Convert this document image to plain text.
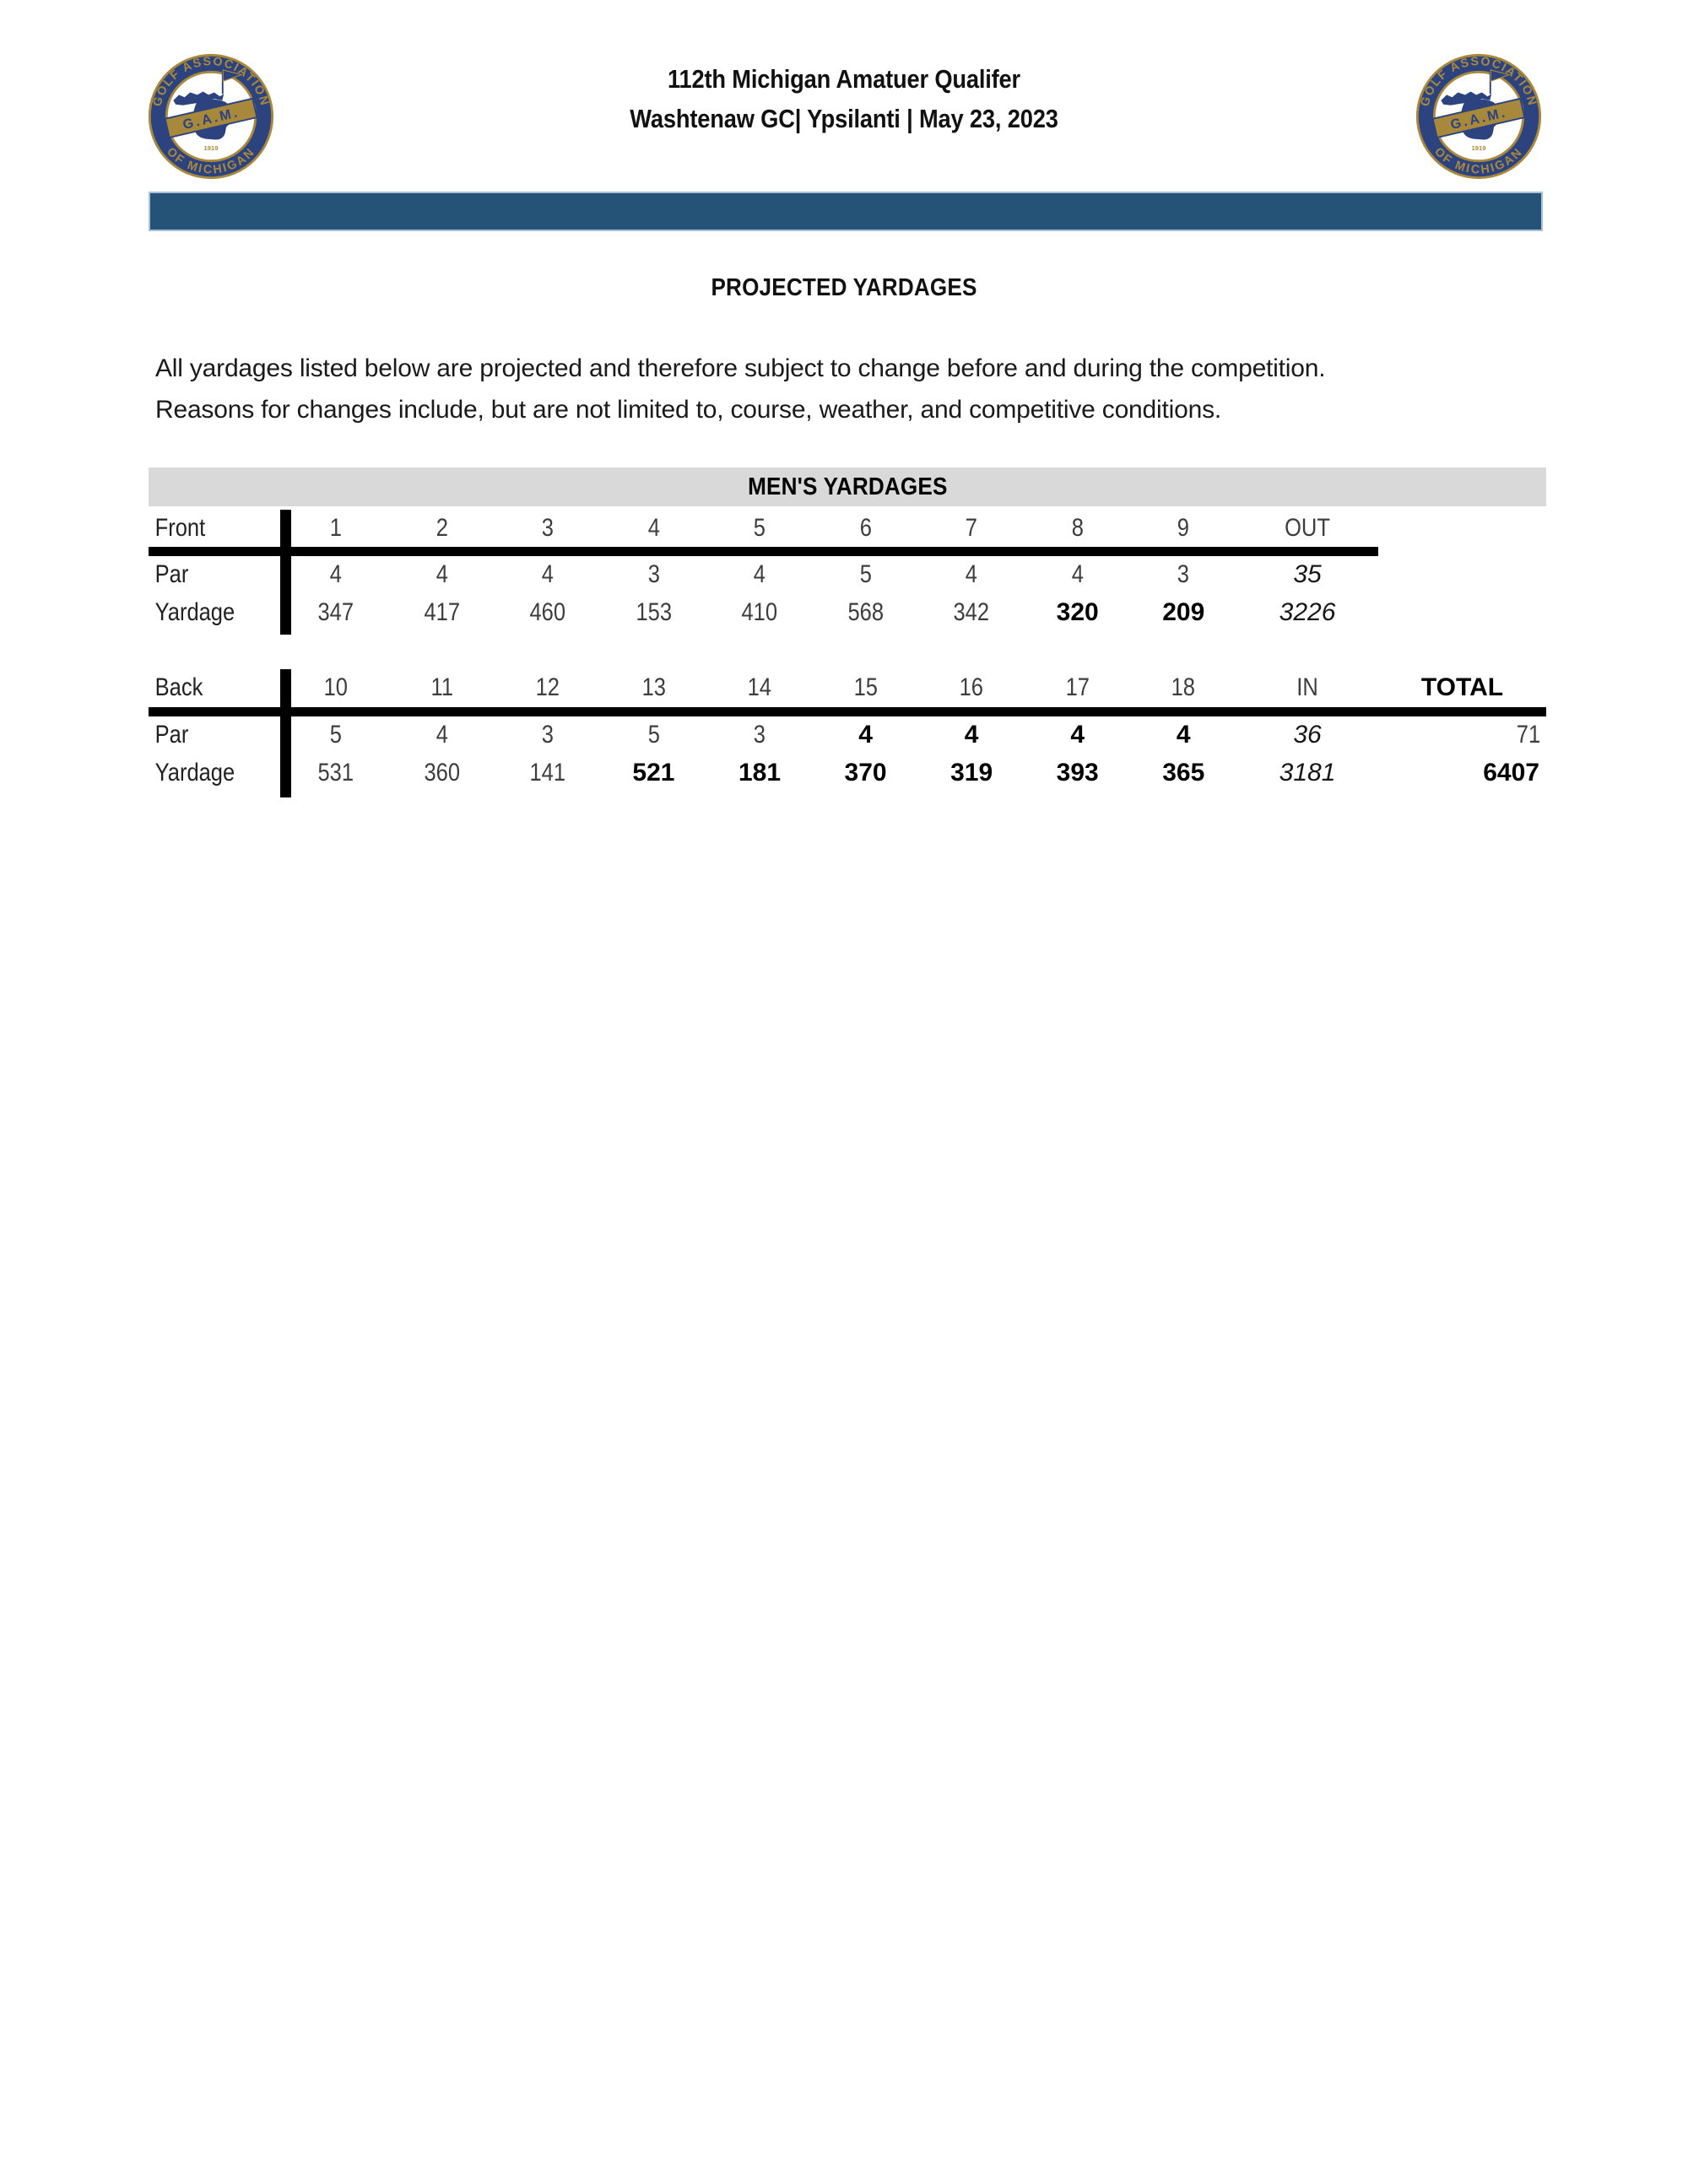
112th Michigan Amatuer Qualifer
Washtenaw GC| Ypsilanti | May 23, 2023
PROJECTED YARDAGES
All yardages listed below are projected and therefore subject to change before and during the competition.
Reasons for changes include, but are not limited to, course, weather, and competitive conditions.
MEN'S YARDAGES
Front	1	2	3	4	5	6	7	8	9	OUT
Par	4	4	4	3	4	5	4	4	3	35
Yardage	347	417	460	153	410	568	342	320	209	3226
Back	10	11	12	13	14	15	16	17	18	IN	TOTAL
Par	5	4	3	5	3	4	4	4	4	36	71
Yardage	531	360	141	521	181	370	319	393	365	3181	6407
